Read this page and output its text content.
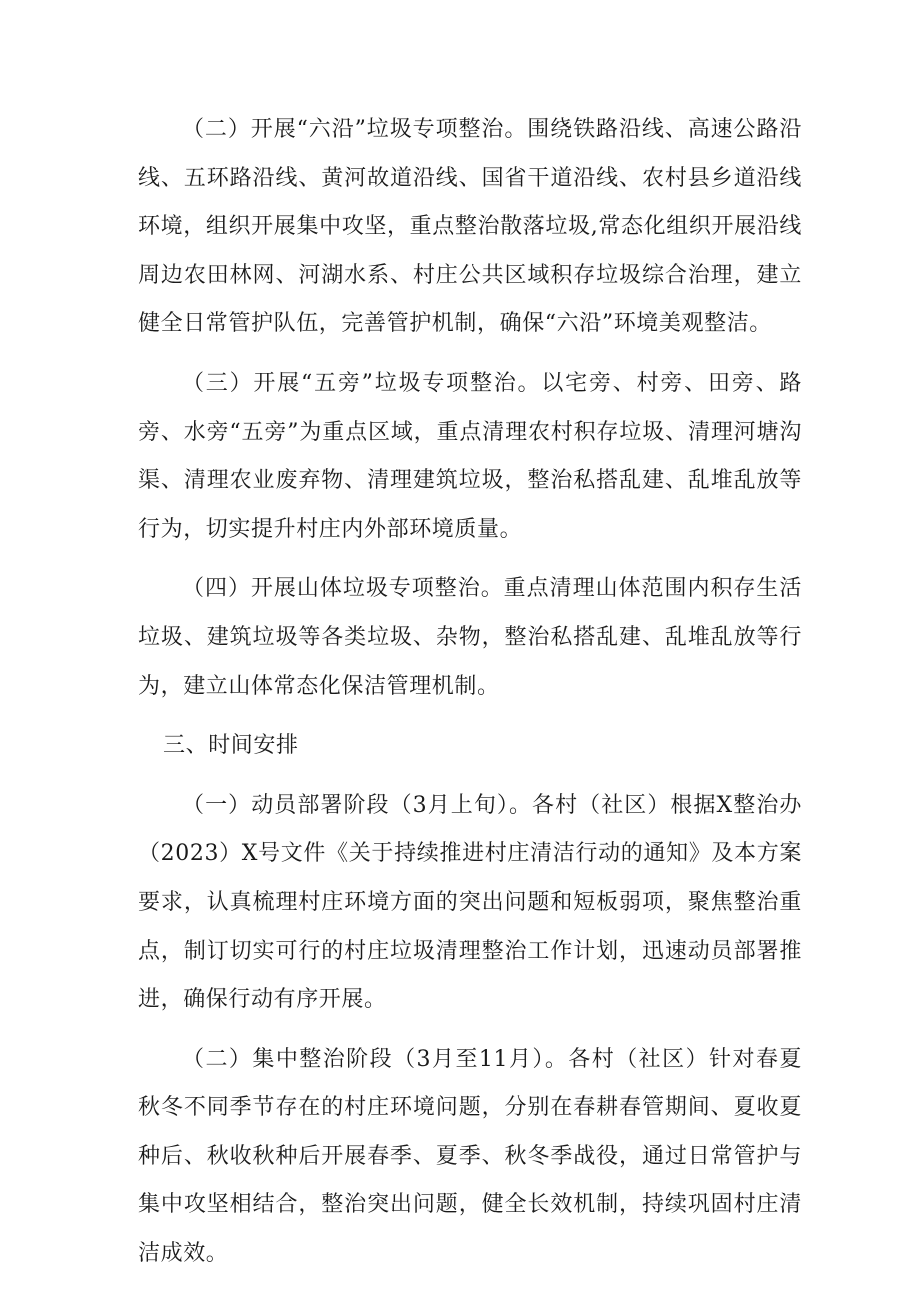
（二）开展“六沿”垃圾专项整治。围绕铁路沿线、高速公路沿线、五环路沿线、黄河故道沿线、国省干道沿线、农村县乡道沿线环境，组织开展集中攻坚，重点整治散落垃圾,常态化组织开展沿线周边农田林网、河湖水系、村庄公共区域积存垃圾综合治理，建立健全日常管护队伍，完善管护机制，确保“六沿”环境美观整洁。

（三）开展“五旁”垃圾专项整治。以宅旁、村旁、田旁、路旁、水旁“五旁”为重点区域，重点清理农村积存垃圾、清理河塘沟渠、清理农业废弃物、清理建筑垃圾，整治私搭乱建、乱堆乱放等行为，切实提升村庄内外部环境质量。

（四）开展山体垃圾专项整治。重点清理山体范围内积存生活垃圾、建筑垃圾等各类垃圾、杂物，整治私搭乱建、乱堆乱放等行为，建立山体常态化保洁管理机制。

三、时间安排

（一）动员部署阶段（3月上旬）。各村（社区）根据X整治办（2023）X号文件《关于持续推进村庄清洁行动的通知》及本方案要求，认真梳理村庄环境方面的突出问题和短板弱项，聚焦整治重点，制订切实可行的村庄垃圾清理整治工作计划，迅速动员部署推进，确保行动有序开展。

（二）集中整治阶段（3月至11月）。各村（社区）针对春夏秋冬不同季节存在的村庄环境问题，分别在春耕春管期间、夏收夏种后、秋收秋种后开展春季、夏季、秋冬季战役，通过日常管护与集中攻坚相结合，整治突出问题，健全长效机制，持续巩固村庄清洁成效。
